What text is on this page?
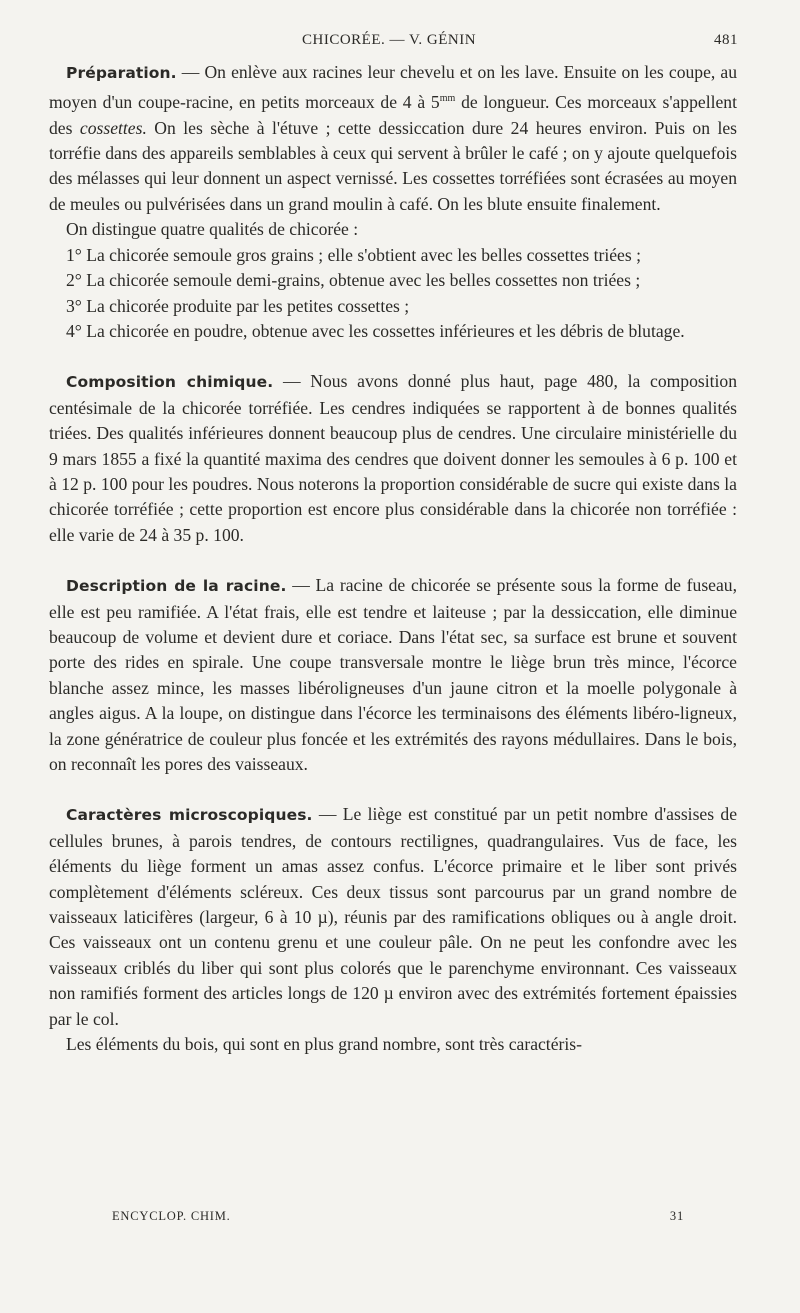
CHICORÉE. — V. GÉNIN	481

Préparation. — On enlève aux racines leur chevelu et on les lave. Ensuite on les coupe, au moyen d'un coupe-racine, en petits morceaux de 4 à $5^{mm}$ de longueur. Ces morceaux s'appellent des cossettes. On les sèche à l'étuve ; cette dessiccation dure 24 heures environ. Puis on les torréfie dans des appareils semblables à ceux qui servent à brûler le café ; on y ajoute quelquefois des mélasses qui leur donnent un aspect vernissé. Les cossettes torréfiées sont écrasées au moyen de meules ou pulvérisées dans un grand moulin à café. On les blute ensuite finalement.

On distingue quatre qualités de chicorée :

1° La chicorée semoule gros grains ; elle s'obtient avec les belles cossettes triées ;

2° La chicorée semoule demi-grains, obtenue avec les belles cossettes non triées ;

3° La chicorée produite par les petites cossettes ;

4° La chicorée en poudre, obtenue avec les cossettes inférieures et les débris de blutage.

Composition chimique. — Nous avons donné plus haut, page 480, la composition centésimale de la chicorée torréfiée. Les cendres indiquées se rapportent à de bonnes qualités triées. Des qualités inférieures donnent beaucoup plus de cendres. Une circulaire ministérielle du 9 mars 1855 a fixé la quantité maxima des cendres que doivent donner les semoules à 6 p. 100 et à 12 p. 100 pour les poudres. Nous noterons la proportion considérable de sucre qui existe dans la chicorée torréfiée ; cette proportion est encore plus considérable dans la chicorée non torréfiée : elle varie de 24 à 35 p. 100.

Description de la racine. — La racine de chicorée se présente sous la forme de fuseau, elle est peu ramifiée. A l'état frais, elle est tendre et laiteuse ; par la dessiccation, elle diminue beaucoup de volume et devient dure et coriace. Dans l'état sec, sa surface est brune et souvent porte des rides en spirale. Une coupe transversale montre le liège brun très mince, l'écorce blanche assez mince, les masses libéroligneuses d'un jaune citron et la moelle polygonale à angles aigus. A la loupe, on distingue dans l'écorce les terminaisons des éléments libéro-ligneux, la zone génératrice de couleur plus foncée et les extrémités des rayons médullaires. Dans le bois, on reconnaît les pores des vaisseaux.

Caractères microscopiques. — Le liège est constitué par un petit nombre d'assises de cellules brunes, à parois tendres, de contours rectilignes, quadrangulaires. Vus de face, les éléments du liège forment un amas assez confus. L'écorce primaire et le liber sont privés complètement d'éléments scléreux. Ces deux tissus sont parcourus par un grand nombre de vaisseaux laticifères (largeur, 6 à 10 µ), réunis par des ramifications obliques ou à angle droit. Ces vaisseaux ont un contenu grenu et une couleur pâle. On ne peut les confondre avec les vaisseaux criblés du liber qui sont plus colorés que le parenchyme environnant. Ces vaisseaux non ramifiés forment des articles longs de 120 µ environ avec des extrémités fortement épaissies par le col.

Les éléments du bois, qui sont en plus grand nombre, sont très caractéris-

ENCYCLOP. CHIM.	31
